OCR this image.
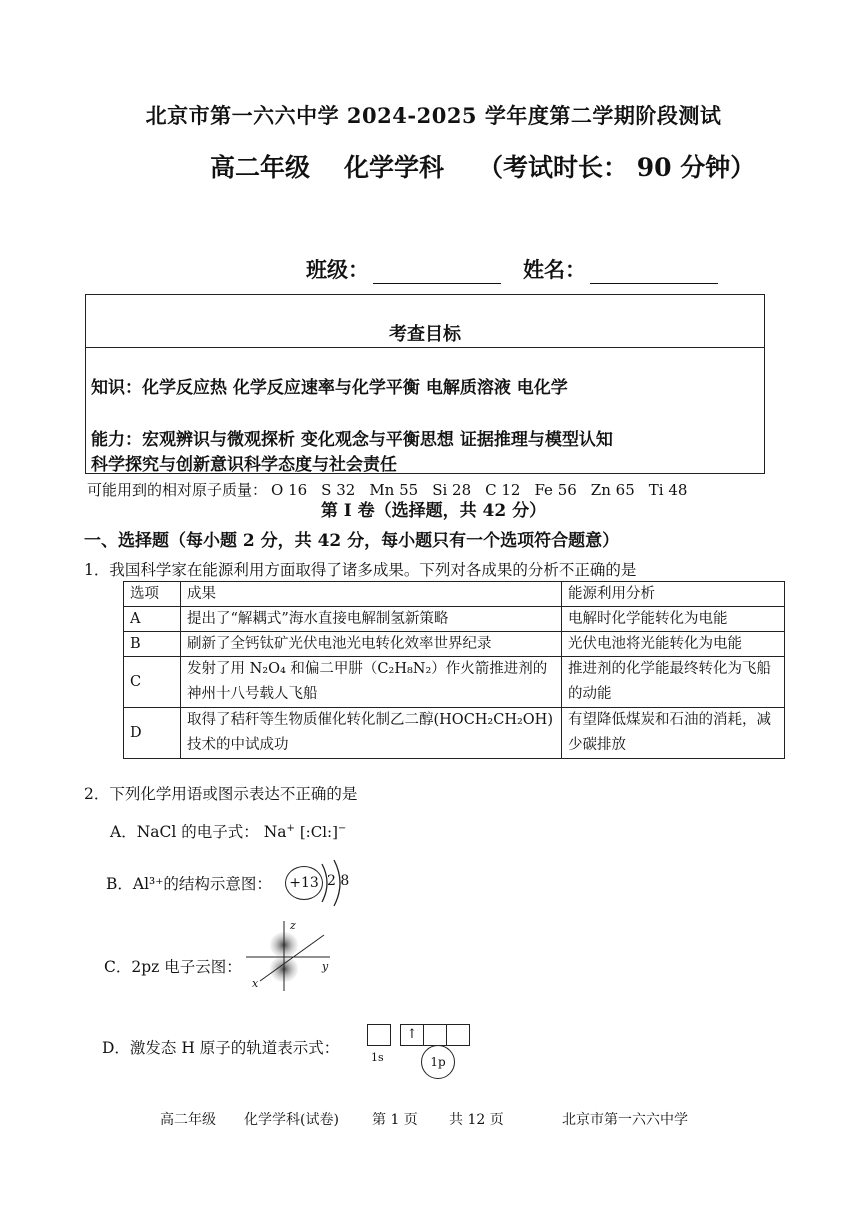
北京市第一六六中学 2024-2025 学年度第二学期阶段测试
高二年级 化学学科 （考试时长： 90 分钟）
班级：	姓名：
考查目标
知识：化学反应热 化学反应速率与化学平衡 电解质溶液 电化学
能力：宏观辨识与微观探析 变化观念与平衡思想 证据推理与模型认知
科学探究与创新意识科学态度与社会责任
可能用到的相对原子质量： O 16 S 32 Mn 55 Si 28 C 12 Fe 56 Zn 65 Ti 48
第 I 卷（选择题，共 42 分）
一、选择题（每小题 2 分，共 42 分，每小题只有一个选项符合题意）
1．我国科学家在能源利用方面取得了诸多成果。下列对各成果的分析不正确的是
选项	成果	能源利用分析
A	提出了“解耦式”海水直接电解制氢新策略	电解时化学能转化为电能
B	刷新了全钙钛矿光伏电池光电转化效率世界纪录	光伏电池将光能转化为电能
C	发射了用 N₂O₄ 和偏二甲肼（C₂H₈N₂）作火箭推进剂的神州十八号载人飞船	推进剂的化学能最终转化为飞船的动能
D	取得了秸秆等生物质催化转化制乙二醇(HOCH₂CH₂OH)技术的中试成功	有望降低煤炭和石油的消耗，减少碳排放
2．下列化学用语或图示表达不正确的是
A．NaCl 的电子式： Na+ [:Cl:]−
B．Al³⁺的结构示意图：	+13 2 8
C．2pz 电子云图：
z
y
x
D．激发态 H 原子的轨道表示式：
↑
1s	1p
高二年级 化学学科(试卷) 第 1 页 共 12 页	北京市第一六六中学
